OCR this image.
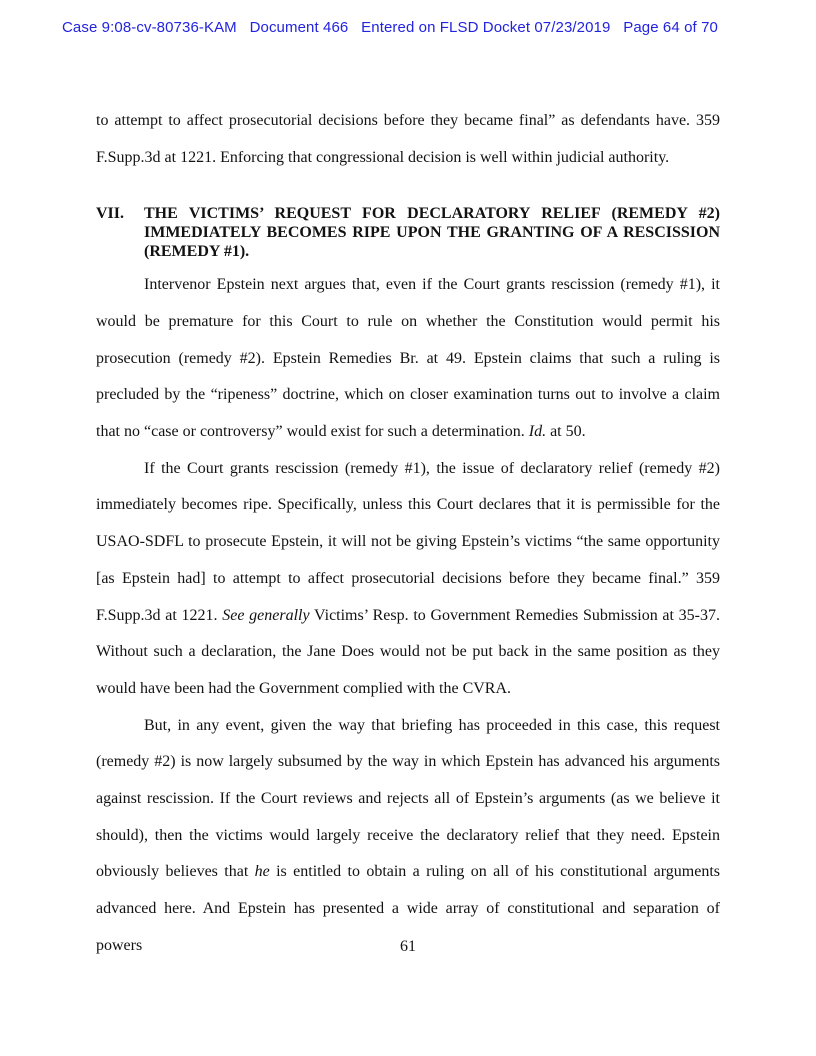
Case 9:08-cv-80736-KAM   Document 466   Entered on FLSD Docket 07/23/2019   Page 64 of 70

to attempt to affect prosecutorial decisions before they became final” as defendants have. 359 F.Supp.3d at 1221. Enforcing that congressional decision is well within judicial authority.

VII. THE VICTIMS’ REQUEST FOR DECLARATORY RELIEF (REMEDY #2) IMMEDIATELY BECOMES RIPE UPON THE GRANTING OF A RESCISSION (REMEDY #1).

Intervenor Epstein next argues that, even if the Court grants rescission (remedy #1), it would be premature for this Court to rule on whether the Constitution would permit his prosecution (remedy #2). Epstein Remedies Br. at 49. Epstein claims that such a ruling is precluded by the “ripeness” doctrine, which on closer examination turns out to involve a claim that no “case or controversy” would exist for such a determination. Id. at 50.

If the Court grants rescission (remedy #1), the issue of declaratory relief (remedy #2) immediately becomes ripe. Specifically, unless this Court declares that it is permissible for the USAO-SDFL to prosecute Epstein, it will not be giving Epstein’s victims “the same opportunity [as Epstein had] to attempt to affect prosecutorial decisions before they became final.” 359 F.Supp.3d at 1221. See generally Victims’ Resp. to Government Remedies Submission at 35-37. Without such a declaration, the Jane Does would not be put back in the same position as they would have been had the Government complied with the CVRA.

But, in any event, given the way that briefing has proceeded in this case, this request (remedy #2) is now largely subsumed by the way in which Epstein has advanced his arguments against rescission. If the Court reviews and rejects all of Epstein’s arguments (as we believe it should), then the victims would largely receive the declaratory relief that they need. Epstein obviously believes that he is entitled to obtain a ruling on all of his constitutional arguments advanced here. And Epstein has presented a wide array of constitutional and separation of powers	61
